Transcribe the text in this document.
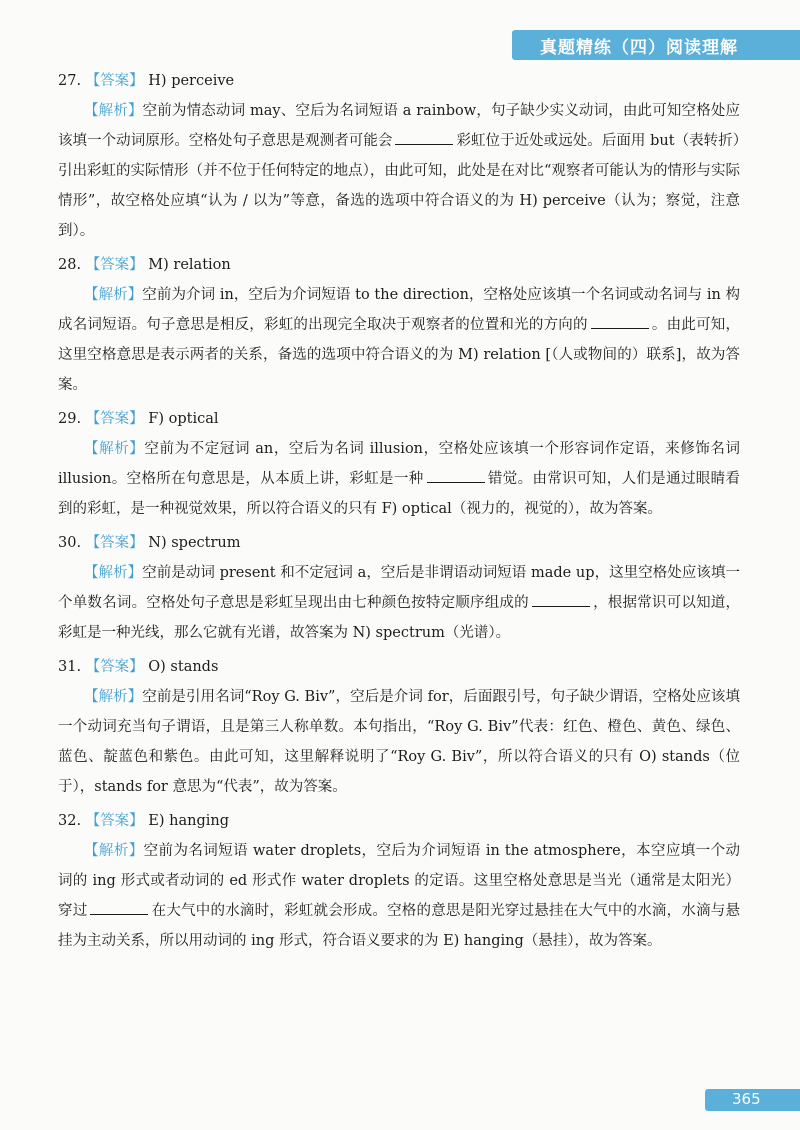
真题精练（四）阅读理解
27. 【答案】 H) perceive

【解析】空前为情态动词 may、空后为名词短语 a rainbow，句子缺少实义动词，由此可知空格处应该填一个动词原形。空格处句子意思是观测者可能会	彩虹位于近处或远处。后面用 but（表转折）引出彩虹的实际情形（并不位于任何特定的地点），由此可知，此处是在对比“观察者可能认为的情形与实际情形”，故空格处应填“认为 / 以为”等意，备选的选项中符合语义的为 H) perceive（认为；察觉，注意到）。

28. 【答案】 M) relation

【解析】空前为介词 in，空后为介词短语 to the direction，空格处应该填一个名词或动名词与 in 构成名词短语。句子意思是相反，彩虹的出现完全取决于观察者的位置和光的方向的	。由此可知，这里空格意思是表示两者的关系，备选的选项中符合语义的为 M) relation [（人或物间的）联系]，故为答案。

29. 【答案】 F) optical

【解析】空前为不定冠词 an，空后为名词 illusion，空格处应该填一个形容词作定语，来修饰名词 illusion。空格所在句意思是，从本质上讲，彩虹是一种	错觉。由常识可知，人们是通过眼睛看到的彩虹，是一种视觉效果，所以符合语义的只有 F) optical（视力的，视觉的），故为答案。

30. 【答案】 N) spectrum

【解析】空前是动词 present 和不定冠词 a，空后是非谓语动词短语 made up，这里空格处应该填一个单数名词。空格处句子意思是彩虹呈现出由七种颜色按特定顺序组成的	，根据常识可以知道，彩虹是一种光线，那么它就有光谱，故答案为 N) spectrum（光谱）。

31. 【答案】 O) stands

【解析】空前是引用名词“Roy G. Biv”，空后是介词 for，后面跟引号，句子缺少谓语，空格处应该填一个动词充当句子谓语，且是第三人称单数。本句指出，“Roy G. Biv”代表：红色、橙色、黄色、绿色、蓝色、靛蓝色和紫色。由此可知，这里解释说明了“Roy G. Biv”，所以符合语义的只有 O) stands（位于），stands for 意思为“代表”，故为答案。

32. 【答案】 E) hanging

【解析】空前为名词短语 water droplets，空后为介词短语 in the atmosphere，本空应填一个动词的 ing 形式或者动词的 ed 形式作 water droplets 的定语。这里空格处意思是当光（通常是太阳光）穿过	在大气中的水滴时，彩虹就会形成。空格的意思是阳光穿过悬挂在大气中的水滴，水滴与悬挂为主动关系，所以用动词的 ing 形式，符合语义要求的为 E) hanging（悬挂），故为答案。

365
